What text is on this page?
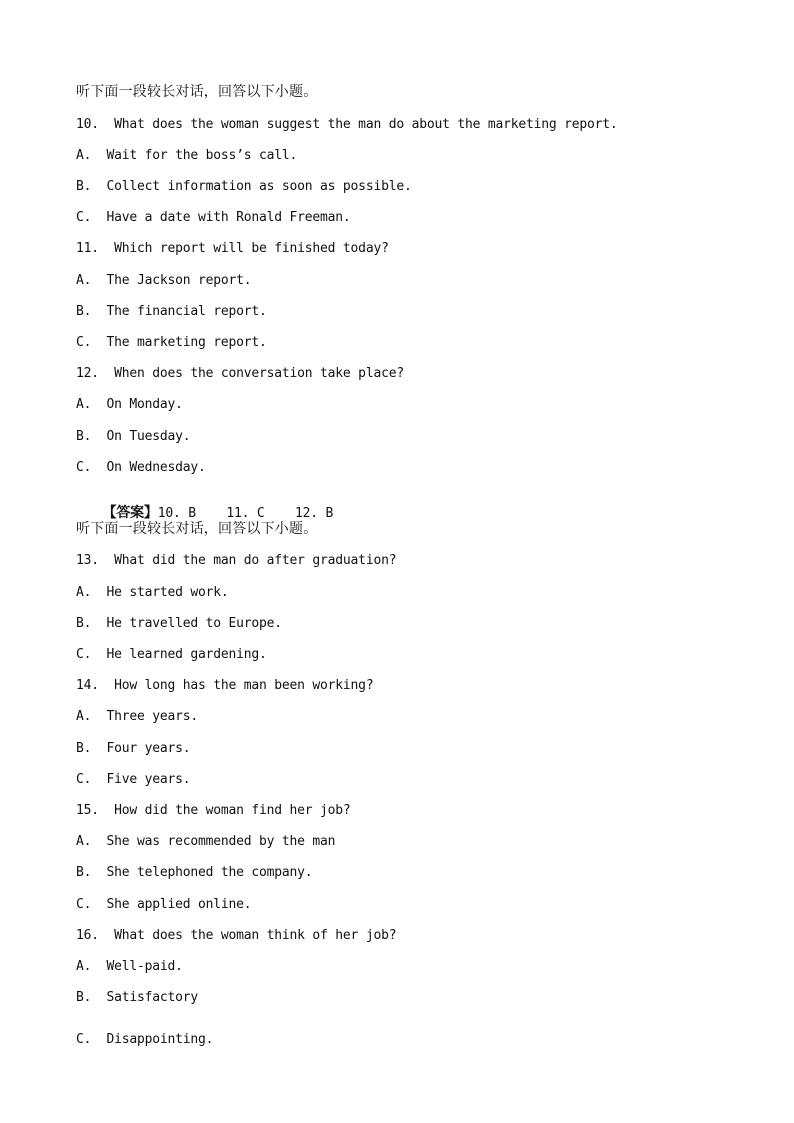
听下面一段较长对话，回答以下小题。
10.  What does the woman suggest the man do about the marketing report.
A.  Wait for the boss’s call.
B.  Collect information as soon as possible.
C.  Have a date with Ronald Freeman.
11.  Which report will be finished today?
A.  The Jackson report.
B.  The financial report.
C.  The marketing report.
12.  When does the conversation take place?
A.  On Monday.
B.  On Tuesday.
C.  On Wednesday.

【答案】10. B    11. C    12. B

听下面一段较长对话，回答以下小题。
13.  What did the man do after graduation?
A.  He started work.
B.  He travelled to Europe.
C.  He learned gardening.
14.  How long has the man been working?
A.  Three years.
B.  Four years.
C.  Five years.
15.  How did the woman find her job?
A.  She was recommended by the man
B.  She telephoned the company.
C.  She applied online.
16.  What does the woman think of her job?
A.  Well-paid.
B.  Satisfactory
C.  Disappointing.
